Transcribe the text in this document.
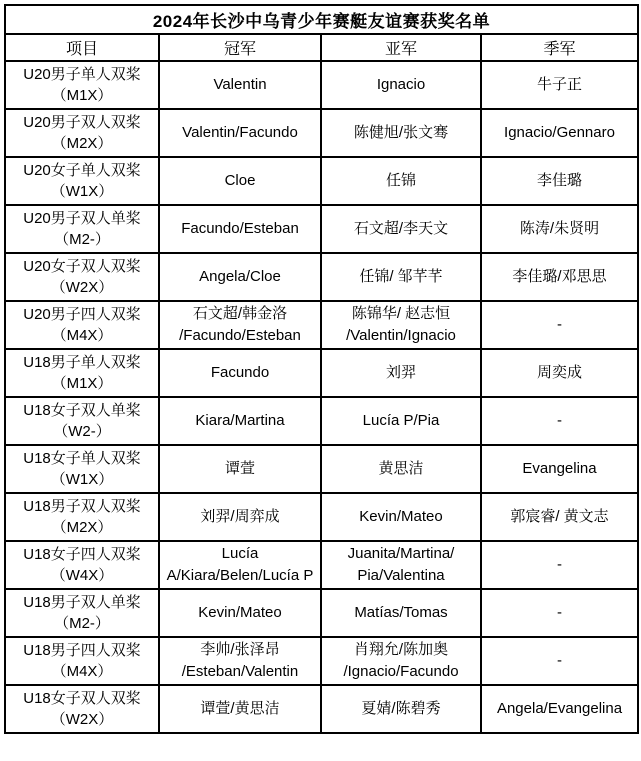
2024年长沙中乌青少年赛艇友谊赛获奖名单			
项目	冠军	亚军	季军

U20男子单人双桨
（M1X）	Valentin	Ignacio	牛子正

U20男子双人双桨
（M2X）	Valentin/Facundo	陈健旭/张文骞	Ignacio/Gennaro

U20女子单人双桨
（W1X）	Cloe	任锦	李佳璐

U20男子双人单桨
（M2-）	Facundo/Esteban	石文超/李天文	陈涛/朱贤明

U20女子双人双桨
（W2X）	Angela/Cloe	任锦/ 邹芊芊	李佳璐/邓思思

U20男子四人双桨
（M4X）	石文超/韩金洛 /Facundo/Esteban	陈锦华/ 赵志恒 /Valentin/Ignacio	-

U18男子单人双桨
（M1X）	Facundo	刘羿	周奕成

U18女子双人单桨
（W2-）	Kiara/Martina	Lucía P/Pia	-

U18女子单人双桨
（W1X）	谭萱	黄思洁	Evangelina

U18男子双人双桨
（M2X）	刘羿/周弈成	Kevin/Mateo	郭宸睿/ 黄文志

U18女子四人双桨
（W4X）	Lucía A/Kiara/Belen/Lucía P	Juanita/Martina/ Pia/Valentina	-

U18男子双人单桨
（M2-）	Kevin/Mateo	Matías/Tomas	-

U18男子四人双桨
（M4X）	李帅/张泽昂 /Esteban/Valentin	肖翔允/陈加奥 /Ignacio/Facundo	-

U18女子双人双桨
（W2X）	谭萱/黄思洁	夏婧/陈碧秀	Angela/Evangelina
